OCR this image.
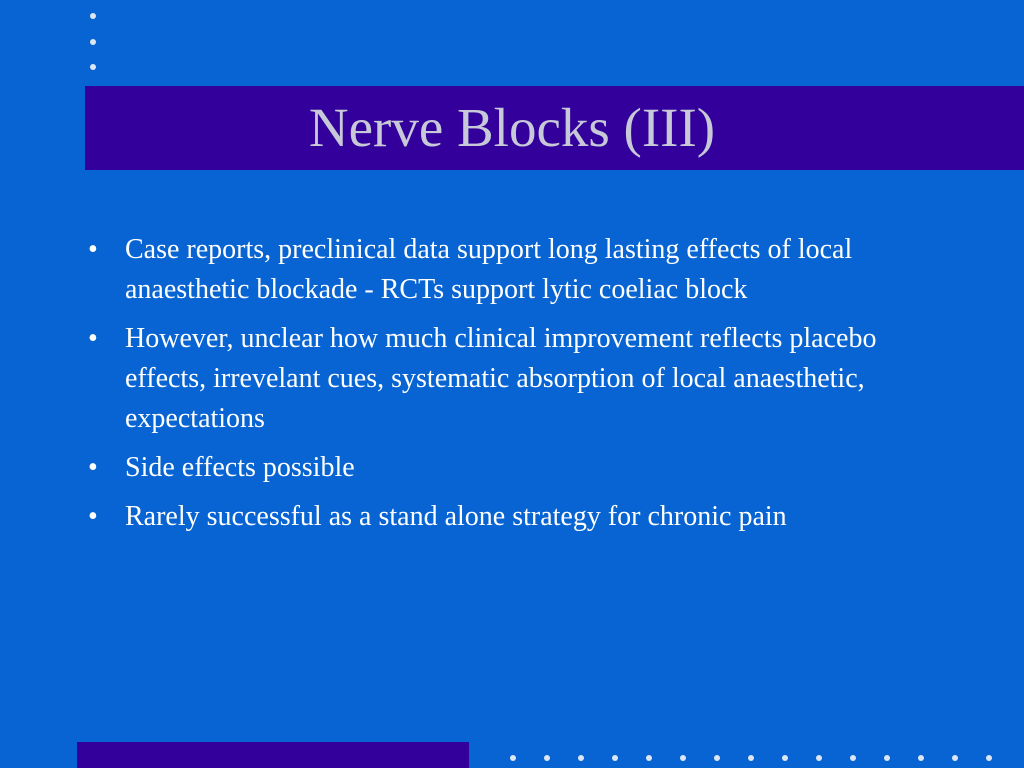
Nerve Blocks (III)
• Case reports, preclinical data support long lasting effects of local anaesthetic blockade - RCTs support lytic coeliac block
• However, unclear how much clinical improvement reflects placebo effects, irrevelant cues, systematic absorption of local anaesthetic, expectations
• Side effects possible
• Rarely successful as a stand alone strategy for chronic pain
